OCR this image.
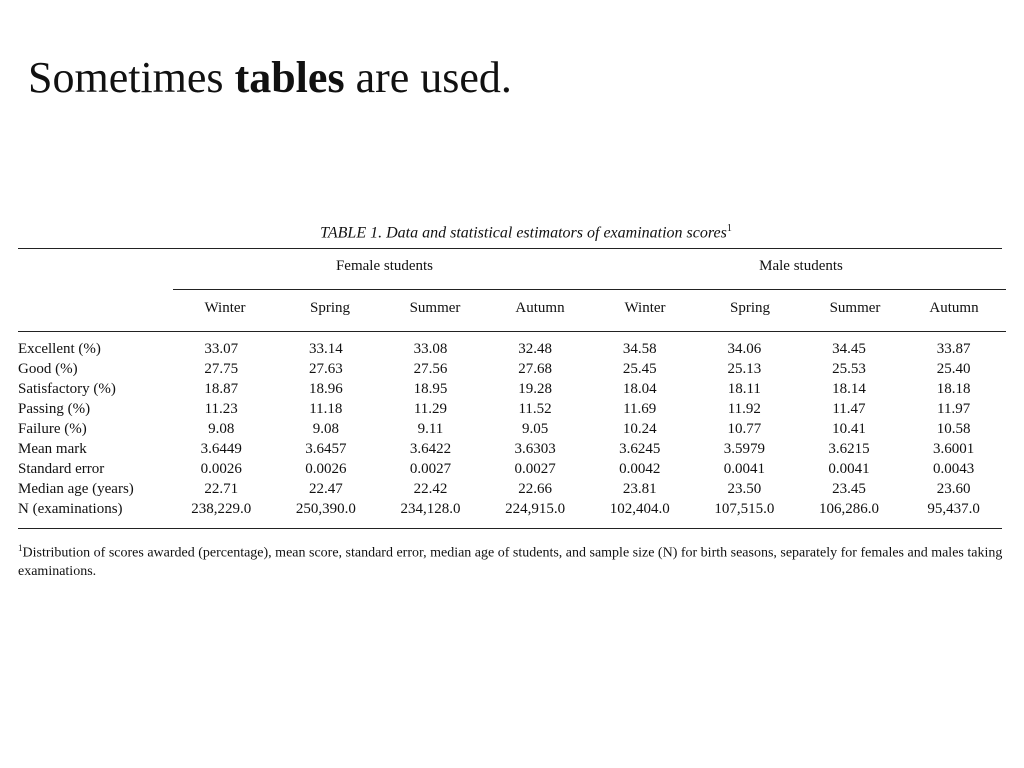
Sometimes tables are used.
TABLE 1. Data and statistical estimators of examination scores$^1$
Female students	Male students
Winter	Spring	Summer	Autumn	Winter	Spring	Summer	Autumn
Excellent (%)	33.07	33.14	33.08	32.48	34.58	34.06	34.45	33.87
Good (%)	27.75	27.63	27.56	27.68	25.45	25.13	25.53	25.40
Satisfactory (%)	18.87	18.96	18.95	19.28	18.04	18.11	18.14	18.18
Passing (%)	11.23	11.18	11.29	11.52	11.69	11.92	11.47	11.97
Failure (%)	9.08	9.08	9.11	9.05	10.24	10.77	10.41	10.58
Mean mark	3.6449	3.6457	3.6422	3.6303	3.6245	3.5979	3.6215	3.6001
Standard error	0.0026	0.0026	0.0027	0.0027	0.0042	0.0041	0.0041	0.0043
Median age (years)	22.71	22.47	22.42	22.66	23.81	23.50	23.45	23.60
N (examinations)	238,229.0	250,390.0	234,128.0	224,915.0	102,404.0	107,515.0	106,286.0	95,437.0
$^1$Distribution of scores awarded (percentage), mean score, standard error, median age of students, and sample size (N) for birth seasons, separately for females and males taking examinations.
